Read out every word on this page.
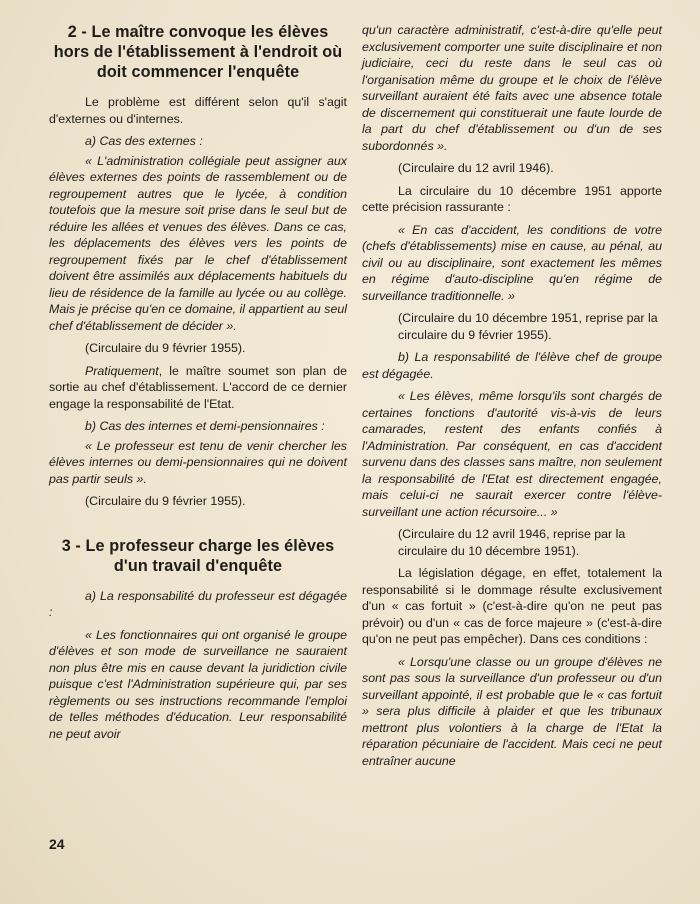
2 - Le maître convoque les élèves hors de l'établissement à l'endroit où doit commencer l'enquête

Le problème est différent selon qu'il s'agit d'externes ou d'internes.

a) Cas des externes :

« L'administration collégiale peut assigner aux élèves externes des points de rassemblement ou de regroupement autres que le lycée, à condition toutefois que la mesure soit prise dans le seul but de réduire les allées et venues des élèves. Dans ce cas, les déplacements des élèves vers les points de regroupement fixés par le chef d'établissement doivent être assimilés aux déplacements habituels du lieu de résidence de la famille au lycée ou au collège. Mais je précise qu'en ce domaine, il appartient au seul chef d'établissement de décider ».

(Circulaire du 9 février 1955).

Pratiquement, le maître soumet son plan de sortie au chef d'établissement. L'accord de ce dernier engage la responsabilité de l'Etat.

b) Cas des internes et demi-pensionnaires :

« Le professeur est tenu de venir chercher les élèves internes ou demi-pensionnaires qui ne doivent pas partir seuls ».

(Circulaire du 9 février 1955).

3 - Le professeur charge les élèves d'un travail d'enquête

a) La responsabilité du professeur est dégagée :

« Les fonctionnaires qui ont organisé le groupe d'élèves et son mode de surveillance ne sauraient non plus être mis en cause devant la juridiction civile puisque c'est l'Administration supérieure qui, par ses règlements ou ses instructions recommande l'emploi de telles méthodes d'éducation. Leur responsabilité ne peut avoir

qu'un caractère administratif, c'est-à-dire qu'elle peut exclusivement comporter une suite disciplinaire et non judiciaire, ceci du reste dans le seul cas où l'organisation même du groupe et le choix de l'élève surveillant auraient été faits avec une absence totale de discernement qui constituerait une faute lourde de la part du chef d'établissement ou d'un de ses subordonnés ».

(Circulaire du 12 avril 1946).

La circulaire du 10 décembre 1951 apporte cette précision rassurante :

« En cas d'accident, les conditions de votre (chefs d'établissements) mise en cause, au pénal, au civil ou au disciplinaire, sont exactement les mêmes en régime d'auto-discipline qu'en régime de surveillance traditionnelle. »

(Circulaire du 10 décembre 1951, reprise par la circulaire du 9 février 1955).

b) La responsabilité de l'élève chef de groupe est dégagée.

« Les élèves, même lorsqu'ils sont chargés de certaines fonctions d'autorité vis-à-vis de leurs camarades, restent des enfants confiés à l'Administration. Par conséquent, en cas d'accident survenu dans des classes sans maître, non seulement la responsabilité de l'Etat est directement engagée, mais celui-ci ne saurait exercer contre l'élève-surveillant une action récursoire... »

(Circulaire du 12 avril 1946, reprise par la circulaire du 10 décembre 1951).

La législation dégage, en effet, totalement la responsabilité si le dommage résulte exclusivement d'un « cas fortuit » (c'est-à-dire qu'on ne peut pas prévoir) ou d'un « cas de force majeure » (c'est-à-dire qu'on ne peut pas empêcher). Dans ces conditions :

« Lorsqu'une classe ou un groupe d'élèves ne sont pas sous la surveillance d'un professeur ou d'un surveillant appointé, il est probable que le « cas fortuit » sera plus difficile à plaider et que les tribunaux mettront plus volontiers à la charge de l'Etat la réparation pécuniaire de l'accident. Mais ceci ne peut entraîner aucune

24
